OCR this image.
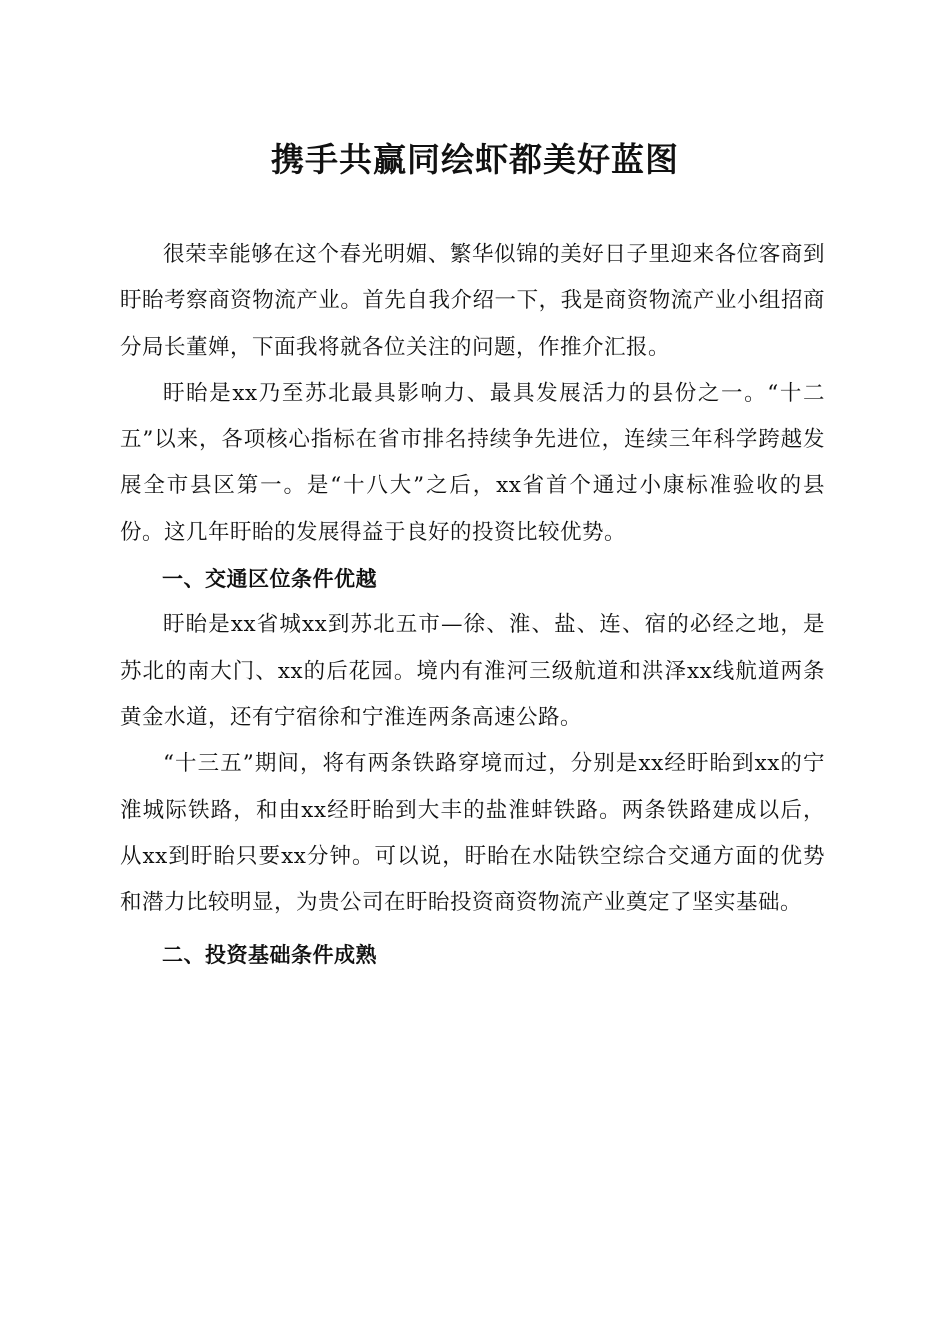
携手共赢同绘虾都美好蓝图

很荣幸能够在这个春光明媚、繁华似锦的美好日子里迎来各位客商到盱眙考察商资物流产业。首先自我介绍一下，我是商资物流产业小组招商分局长董婵，下面我将就各位关注的问题，作推介汇报。

盱眙是xx乃至苏北最具影响力、最具发展活力的县份之一。“十二五”以来，各项核心指标在省市排名持续争先进位，连续三年科学跨越发展全市县区第一。是“十八大”之后，xx省首个通过小康标准验收的县份。这几年盱眙的发展得益于良好的投资比较优势。

一、交通区位条件优越

盱眙是xx省城xx到苏北五市—徐、淮、盐、连、宿的必经之地，是苏北的南大门、xx的后花园。境内有淮河三级航道和洪泽xx线航道两条黄金水道，还有宁宿徐和宁淮连两条高速公路。

“十三五”期间，将有两条铁路穿境而过，分别是xx经盱眙到xx的宁淮城际铁路，和由xx经盱眙到大丰的盐淮蚌铁路。两条铁路建成以后，从xx到盱眙只要xx分钟。可以说，盱眙在水陆铁空综合交通方面的优势和潜力比较明显，为贵公司在盱眙投资商资物流产业奠定了坚实基础。

二、投资基础条件成熟
